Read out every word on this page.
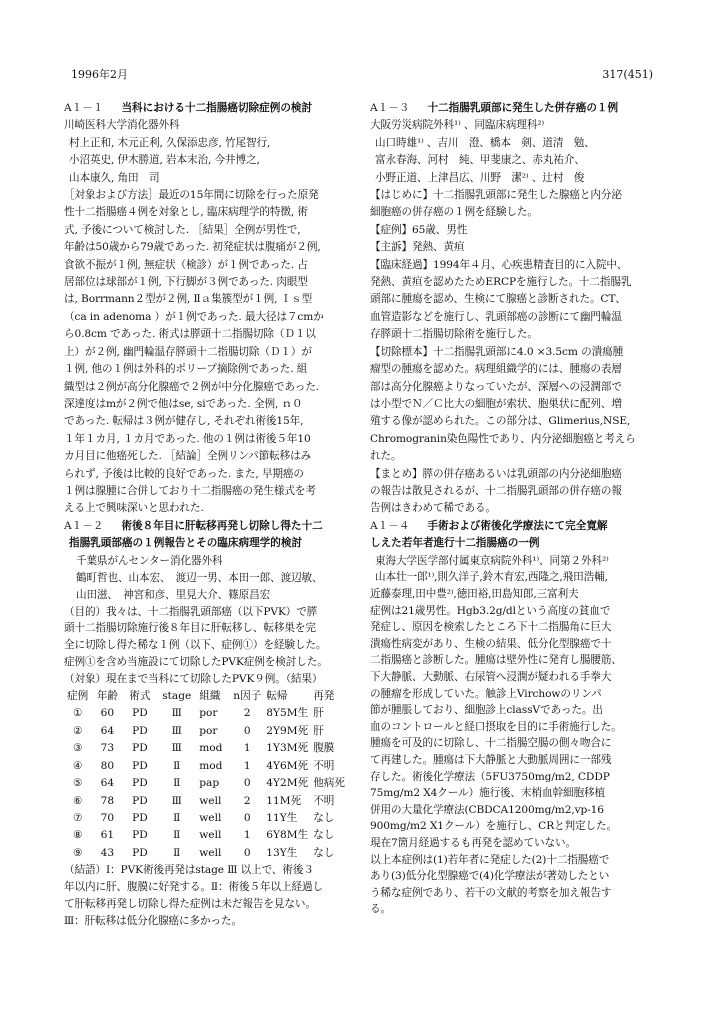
1996年2月	317(451)
A１－１ 当科における十二指腸癌切除症例の検討
川崎医科大学消化器外科
村上正和, 木元正利, 久保添忠彦, 竹尾智行,
小沼英史, 伊木勝道, 岩本末治, 今井博之,
山本康久, 角田　司
［対象および方法］最近の15年間に切除を行った原発
性十二指腸癌４例を対象とし, 臨床病理学的特徴, 術
式, 予後について検討した. ［結果］全例が男性で,
年齢は50歳から79歳であった. 初発症状は腹痛が２例,
食欲不振が１例, 無症状（検診）が１例であった. 占
居部位は球部が１例, 下行脚が３例であった. 肉眼型
は, Borrmann２型が２例, Ⅱａ集簇型が１例, Ｉｓ型
（ca in adenoma ）が１例であった. 最大径は７cmか
ら0.8cm であった. 術式は膵頭十二指腸切除（Ｄ１以
上）が２例, 幽門輪温存膵頭十二指腸切除（Ｄ１）が
１例, 他の１例は外科的ポリープ摘除例であった. 組
織型は２例が高分化腺癌で２例が中分化腺癌であった.
深達度はmが２例で他はse, siであった. 全例, ｎ０
であった. 転帰は３例が健存し, それぞれ術後15年,
１年１カ月, １カ月であった. 他の１例は術後５年10
カ月目に他癌死した. ［結論］全例リンパ節転移はみ
られず, 予後は比較的良好であった. また, 早期癌の
１例は腺腫に合併しており十二指腸癌の発生様式を考
える上で興味深いと思われた.
A１－３ 十二指腸乳頭部に発生した併存癌の１例
大阪労災病院外科¹⁾ 、同臨床病理科²⁾
山口時雄¹⁾ 、吉川　澄、橋本　剣、道清　勉、
富永春海、河村　純、甲斐康之、赤丸祐介、
小野正道、上津昌広、川野　潔²⁾ 、辻村　俊
【はじめに】十二指腸乳頭部に発生した腺癌と内分泌
細胞癌の併存癌の１例を経験した。
【症例】65歳、男性
【主訴】発熱、黄疸
【臨床経過】1994年４月、心疾患精査目的に入院中、
発熱、黄疸を認めたためERCPを施行した。十二指腸乳
頭部に腫瘍を認め、生検にて腺癌と診断された。CT、
血管造影などを施行し、乳頭部癌の診断にて幽門輪温
存膵頭十二指腸切除術を施行した。
【切除標本】十二指腸乳頭部に4.0 ×3.5cm の潰瘍腫
瘤型の腫瘍を認めた。病理組織学的には、腫瘍の表層
部は高分化腺癌よりなっていたが、深層への浸潤部で
は小型でＮ／Ｃ比大の細胞が索状、胞巣状に配列、増
殖する像が認められた。この部分は、Glimerius,NSE,
Chromogranin染色陽性であり、内分泌細胞癌と考えら
れた。
【まとめ】膵の併存癌あるいは乳頭部の内分泌細胞癌
の報告は散見されるが、十二指腸乳頭部の併存癌の報
告例はきわめて稀である。
A１－２ 術後８年目に肝転移再発し切除し得た十二
指腸乳頭部癌の１例報告とその臨床病理学的検討
千葉県がんセンター消化器外科
鶴町哲也、山本宏、　渡辺一男、本田一郎、渡辺敏、
山田滋、　神宮和彦、里見大介、篠原昌宏
（目的）我々は、十二指腸乳頭部癌（以下PVK）で膵
頭十二指腸切除施行後８年目に肝転移し、転移巣を完
全に切除し得た稀な１例（以下、症例①）を経験した。
症例①を含め当施設にて切除したPVK症例を検討した。
（対象）現在まで当科にて切除したPVK９例。（結果）
症例	年齢	術式	stage	組織	n因子	転帰	再発
①	60	PD	Ⅲ	por	2	8Y5M生	肝
②	64	PD	Ⅲ	por	0	2Y9M死	肝
③	73	PD	Ⅲ	mod	1	1Y3M死	腹膜
④	80	PD	Ⅱ	mod	1	4Y6M死	不明
⑤	64	PD	Ⅱ	pap	0	4Y2M死	他病死
⑥	78	PD	Ⅲ	well	2	11M死	不明
⑦	70	PD	Ⅱ	well	0	11Y生	なし
⑧	61	PD	Ⅱ	well	1	6Y8M生	なし
⑨	43	PD	Ⅱ	well	0	13Y生	なし
（結語）Ⅰ：PVK術後再発はstage Ⅲ 以上で、術後３
年以内に肝、腹膜に好発する。Ⅱ：術後５年以上経過し
て肝転移再発し切除し得た症例は未だ報告を見ない。
Ⅲ：肝転移は低分化腺癌に多かった。
A１－４ 手術および術後化学療法にて完全寛解
しえた若年者進行十二指腸癌の一例
東海大学医学部付属東京病院外科¹⁾、同第２外科²⁾
山本壮一郎¹⁾,則久洋子,鈴木育宏,西隆之,飛田浩輔,
近藤泰理,田中豊²⁾,徳田裕,田島知郎,三富利夫
症例は21歳男性。Hgb3.2g/dlという高度の貧血で
発症し、原因を検索したところ下十二指腸角に巨大
潰瘍性病変があり、生検の結果、低分化型腺癌で十
二指腸癌と診断した。腫瘍は壁外性に発育し腸腰筋、
下大静脈、大動脈、右尿管へ浸潤が疑われる手拳大
の腫瘤を形成していた。触診上Virchowのリンパ
節が腫脹しており、細胞診上classⅤであった。出
血のコントロールと経口摂取を目的に手術施行した。
腫瘍を可及的に切除し、十二指腸空腸の側々吻合に
て再建した。腫瘍は下大静脈と大動脈周囲に一部残
存した。術後化学療法（5FU3750mg/m2, CDDP
75mg/m2 X4クール）施行後、末梢血幹細胞移植
併用の大量化学療法(CBDCA1200mg/m2,vp-16
900mg/m2 X1クール）を施行し、CRと判定した。
現在7箇月経過するも再発を認めていない。
以上本症例は(1)若年者に発症した(2)十二指腸癌で
あり(3)低分化型腺癌で(4)化学療法が著効したとい
う稀な症例であり、若干の文献的考察を加え報告す
る。
